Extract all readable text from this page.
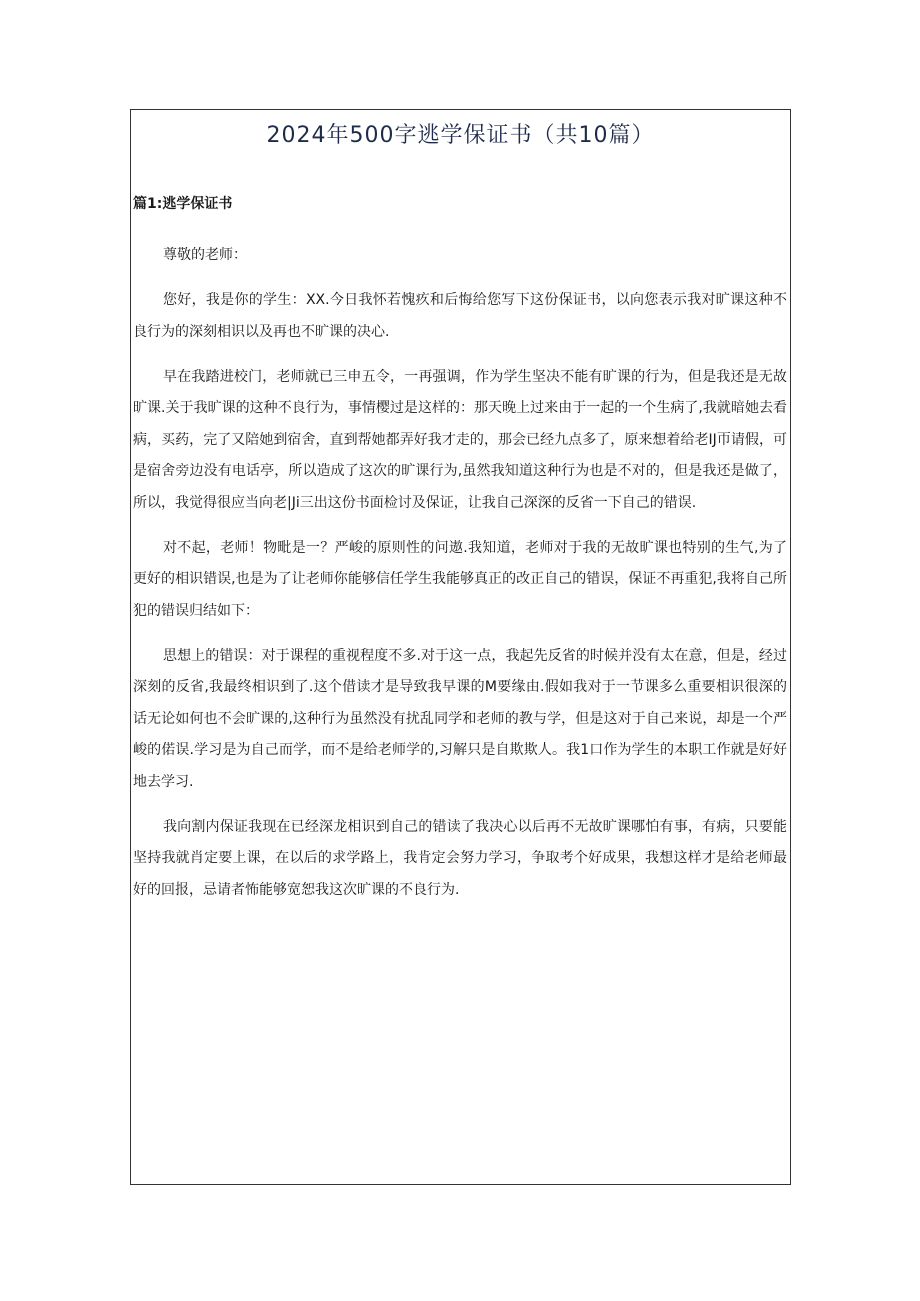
2024年500字逃学保证书（共10篇）
篇1:逃学保证书

尊敬的老师：

您好，我是你的学生：XX.今日我怀若愧疚和后悔给您写下这份保证书，以向您表示我对旷课这种不良行为的深刻相识以及再也不旷课的决心.

早在我踏进校门，老师就已三申五令，一再强调，作为学生坚决不能有旷课的行为，但是我还是无故旷课.关于我旷课的这种不良行为，事情樱过是这样的：那天晚上过来由于一起的一个生病了,我就暗她去看病，买药，完了又陪她到宿舍，直到帮她都弄好我才走的，那会已经九点多了，原来想着给老IJ帀请假，可是宿舍旁边没有电话亭，所以造成了这次的旷课行为,虽然我知道这种行为也是不对的，但是我还是做了，所以，我觉得很应当向老|Ji三出这份书面检讨及保证，让我自己深深的反省一下自己的错误.

对不起，老师！物毗是一？严峻的原则性的问遨.我知道，老师对于我的无故旷课也特别的生气,为了更好的相识错误,也是为了让老师你能够信任学生我能够真正的改正自己的错误，保证不再重犯,我将自己所犯的错误归结如下：

思想上的错误：对于课程的重视程度不多.对于这一点，我起先反省的时候并没有太在意，但是，经过深刻的反省,我最终相识到了.这个借读才是导致我早课的M要缘由.假如我对于一节课多么重要相识很深的话无论如何也不会旷课的,这种行为虽然没有扰乱同学和老师的教与学，但是这对于自己来说，却是一个严峻的偌误.学习是为自己而学，而不是给老师学的,习解只是自欺欺人。我1口作为学生的本职工作就是好好地去学习.

我向割内保证我现在已经深龙相识到自己的错读了我决心以后再不无故旷课哪怕有事，有病，只要能坚持我就肖定要上课，在以后的求学路上，我肯定会努力学习，争取考个好成果，我想这样才是给老师最好的回报，忌请者怖能够宽恕我这次旷课的不良行为.
